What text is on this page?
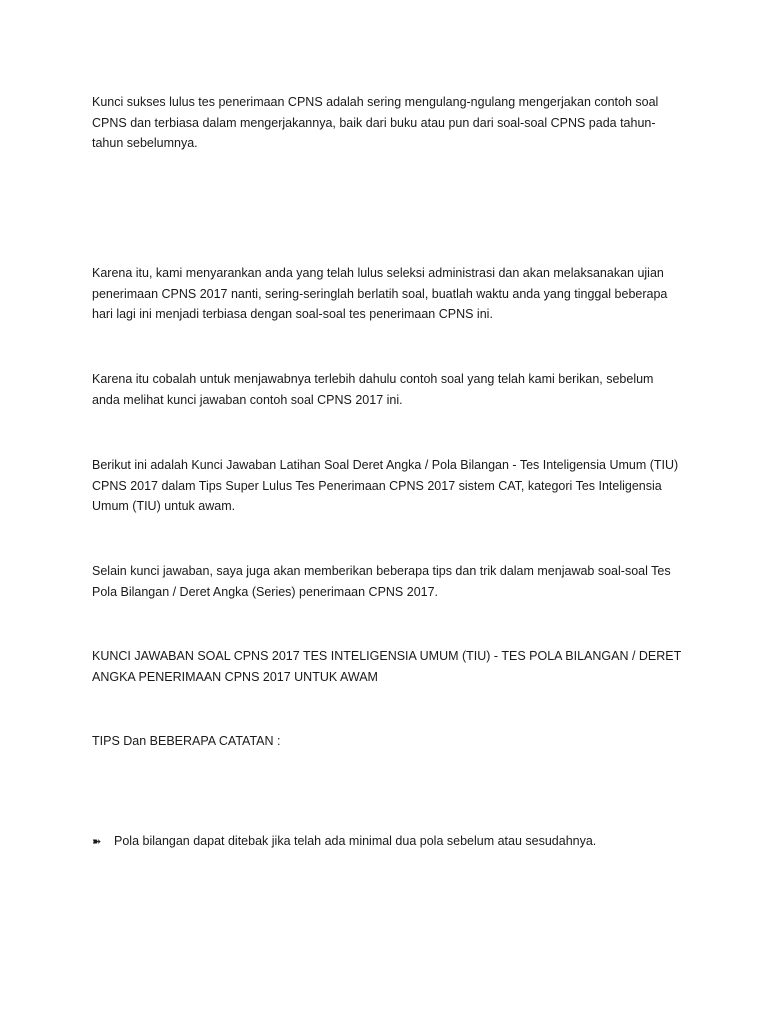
Kunci sukses lulus tes penerimaan CPNS adalah sering mengulang-ngulang mengerjakan contoh soal CPNS dan terbiasa dalam mengerjakannya, baik dari buku atau pun dari soal-soal CPNS pada tahun-tahun sebelumnya.

Karena itu, kami menyarankan anda yang telah lulus seleksi administrasi dan akan melaksanakan ujian penerimaan CPNS 2017 nanti, sering-seringlah berlatih soal, buatlah waktu anda yang tinggal beberapa hari lagi ini menjadi terbiasa dengan soal-soal tes penerimaan CPNS ini.

Karena itu cobalah untuk menjawabnya terlebih dahulu contoh soal yang telah kami berikan, sebelum anda melihat kunci jawaban contoh soal CPNS 2017 ini.

Berikut ini adalah Kunci Jawaban Latihan Soal Deret Angka / Pola Bilangan - Tes Inteligensia Umum (TIU) CPNS 2017 dalam Tips Super Lulus Tes Penerimaan CPNS 2017 sistem CAT, kategori Tes Inteligensia Umum (TIU) untuk awam.

Selain kunci jawaban, saya juga akan memberikan beberapa tips dan trik dalam menjawab soal-soal Tes Pola Bilangan / Deret Angka (Series) penerimaan CPNS 2017.

KUNCI JAWABAN SOAL CPNS 2017 TES INTELIGENSIA UMUM (TIU) - TES POLA BILANGAN / DERET ANGKA PENERIMAAN CPNS 2017 UNTUK AWAM

TIPS Dan BEBERAPA CATATAN :

➽	Pola bilangan dapat ditebak jika telah ada minimal dua pola sebelum atau sesudahnya.
